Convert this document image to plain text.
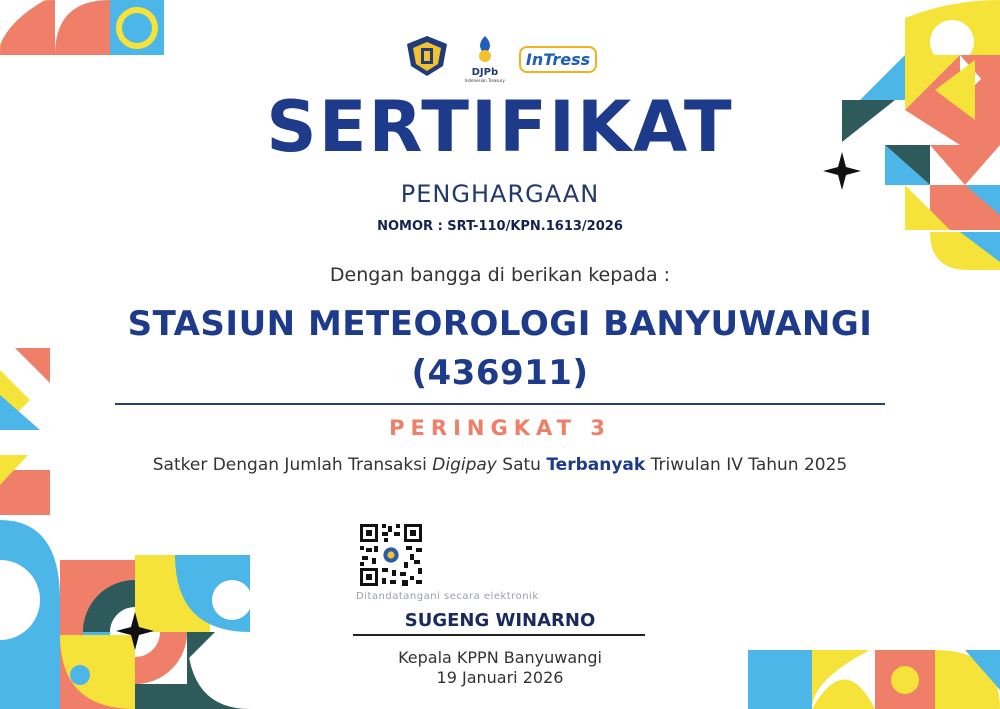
DJPb
Indonesian Treasury
InTress
SERTIFIKAT
PENGHARGAAN
NOMOR : SRT-110/KPN.1613/2026
Dengan bangga di berikan kepada :
STASIUN METEOROLOGI BANYUWANGI
(436911)
PERINGKAT 3
Satker Dengan Jumlah Transaksi Digipay Satu Terbanyak Triwulan IV Tahun 2025
Ditandatangani secara elektronik
SUGENG WINARNO
Kepala KPPN Banyuwangi
19 Januari 2026
